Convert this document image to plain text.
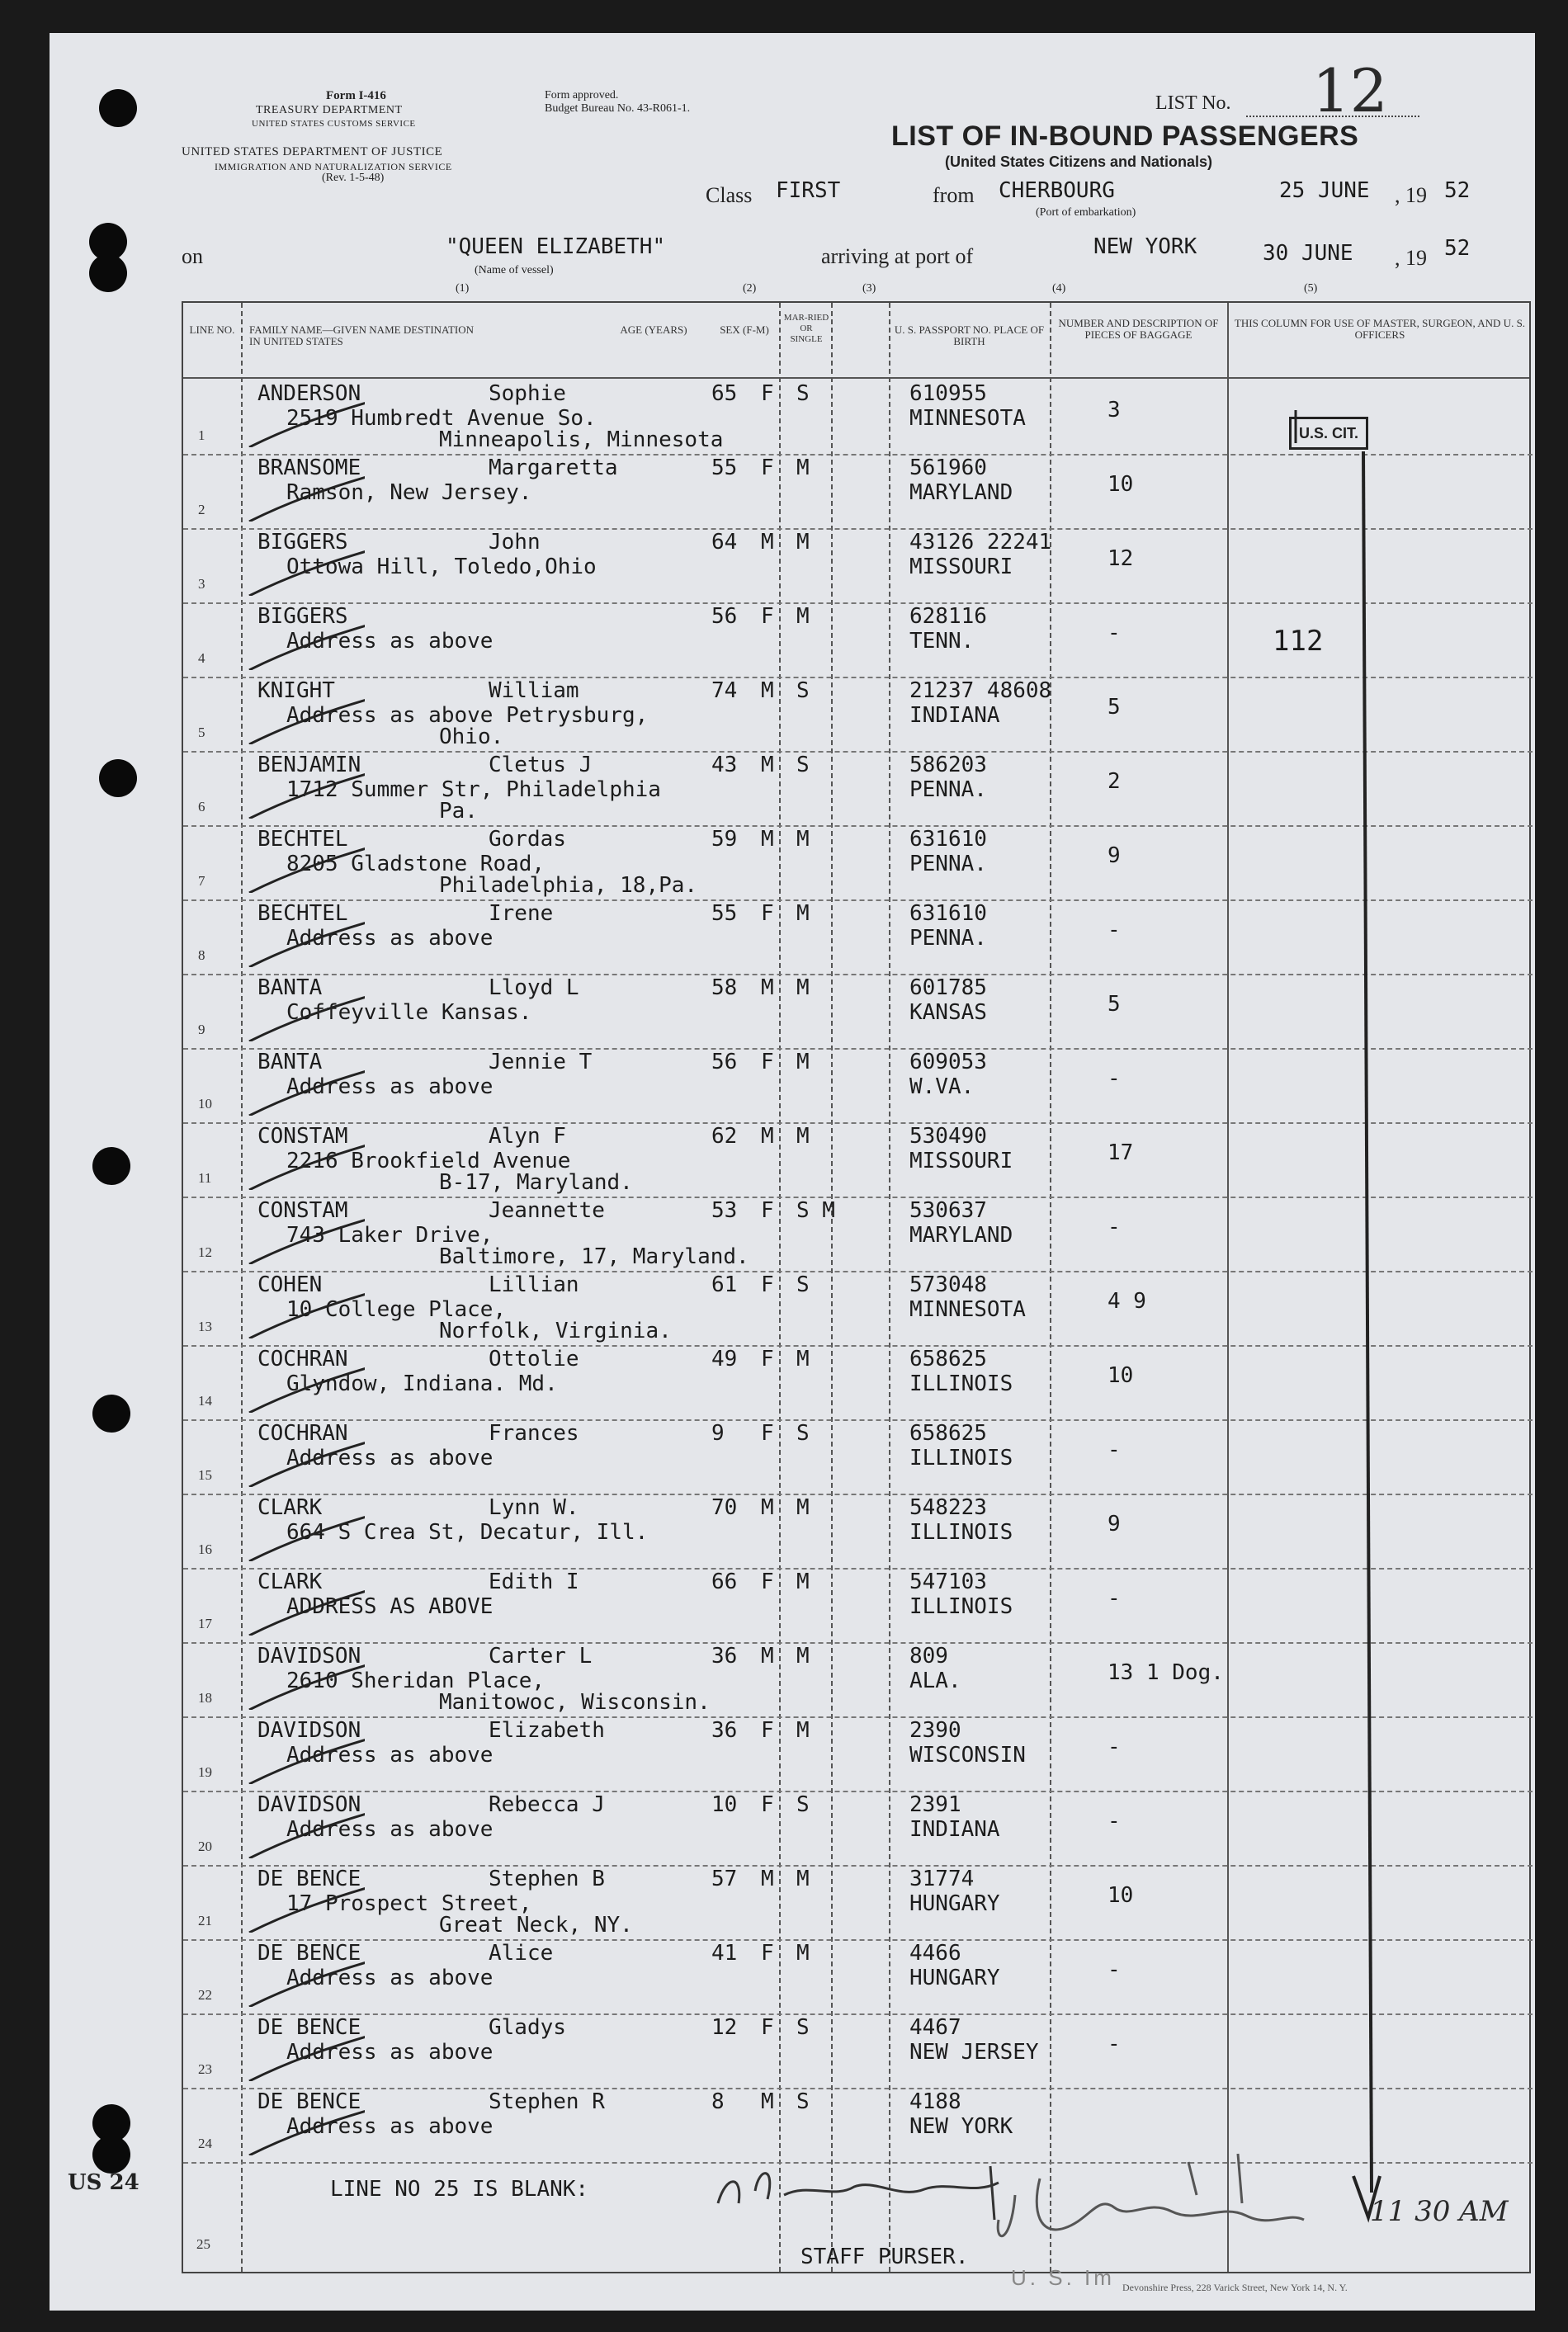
Form I-416
TREASURY DEPARTMENT
UNITED STATES CUSTOMS SERVICE
UNITED STATES DEPARTMENT OF JUSTICE
IMMIGRATION AND NATURALIZATION SERVICE
(Rev. 1-5-48)
Form approved.
Budget Bureau No. 43-R061-1.	LIST No. 12
LIST OF IN-BOUND PASSENGERS
(United States Citizens and Nationals)
Class FIRST	from CHERBOURG
(Port of embarkation)
25 JUNE , 19 52
on	"QUEEN ELIZABETH"
(Name of vessel)
arriving at port of	NEW YORK	30 JUNE , 19 52
(1)	(2)	(3)	(4)	(5)
LINE NO. FAMILY NAME—GIVEN NAME DESTINATION IN UNITED STATES
AGE (YEARS)	SEX (F-M)
MAR-RIED OR SINGLE
U. S. PASSPORT NO. PLACE OF BIRTH
NUMBER AND DESCRIPTION OF PIECES OF BAGGAGE
THIS COLUMN FOR USE OF MASTER, SURGEON, AND U. S. OFFICERS
1
ANDERSON	Sophie	65 F S	610955
MINNESOTA	3
2519 Humbredt Avenue So.
Minneapolis, Minnesota
2
BRANSOME	Margaretta	55 F M	561960
MARYLAND	10
Ramson, New Jersey.
3
BIGGERS	John	64 M M	43126 22241
MISSOURI	12
Ottowa Hill, Toledo,Ohio
4
BIGGERS	56 F M	628116
TENN.	-
Address as above
5
KNIGHT	William	74 M S	21237 48608
INDIANA	5
Address as above Petrysburg,
Ohio.
6
BENJAMIN	Cletus J	43 M S	586203
PENNA.	2
1712 Summer Str, Philadelphia
Pa.
7
BECHTEL	Gordas	59 M M	631610
PENNA.	9
8205 Gladstone Road,
Philadelphia, 18,Pa.
8
BECHTEL	Irene	55 F M	631610
PENNA.	-
Address as above
9
BANTA	Lloyd L	58 M M	601785
KANSAS	5
Coffeyville Kansas.
10
BANTA	Jennie T	56 F M	609053
W.VA.	-
Address as above
11
CONSTAM	Alyn F	62 M M	530490
MISSOURI	17
2216 Brookfield Avenue
B-17, Maryland.
12
CONSTAM	Jeannette	53 F S M	530637
MARYLAND	-
743 Laker Drive,
Baltimore, 17, Maryland.
13
COHEN	Lillian	61 F S	573048
MINNESOTA	4 9
10 College Place,
Norfolk, Virginia.
14
COCHRAN	Ottolie	49 F M	658625
ILLINOIS	10
Glyndow, Indiana. Md.
15
COCHRAN	Frances	9 F S	658625
ILLINOIS	-
Address as above
16
CLARK	Lynn W.	70 M M	548223
ILLINOIS	9
664 S Crea St, Decatur, Ill.
17
CLARK	Edith I	66 F M	547103
ILLINOIS	-
ADDRESS AS ABOVE
18
DAVIDSON	Carter L	36 M M	809
ALA.	13 1 Dog.
2610 Sheridan Place,
Manitowoc, Wisconsin.
19
DAVIDSON	Elizabeth	36 F M	2390
WISCONSIN	-
Address as above
20
DAVIDSON	Rebecca J	10 F S	2391
INDIANA	-
Address as above
21
DE BENCE	Stephen B	57 M M	31774
HUNGARY	10
17 Prospect Street,
Great Neck, NY.
22
DE BENCE	Alice	41 F M	4466
HUNGARY	-
Address as above
23
DE BENCE	Gladys	12 F S	4467
NEW JERSEY	-
Address as above
24
DE BENCE	Stephen R	8 M S	4188
NEW YORK
Address as above
U.S. CIT.
112
US 24
25
LINE NO 25 IS BLANK:
STAFF PURSER.
U. S. Im
11 30 AM
Devonshire Press, 228 Varick Street, New York 14, N. Y.
